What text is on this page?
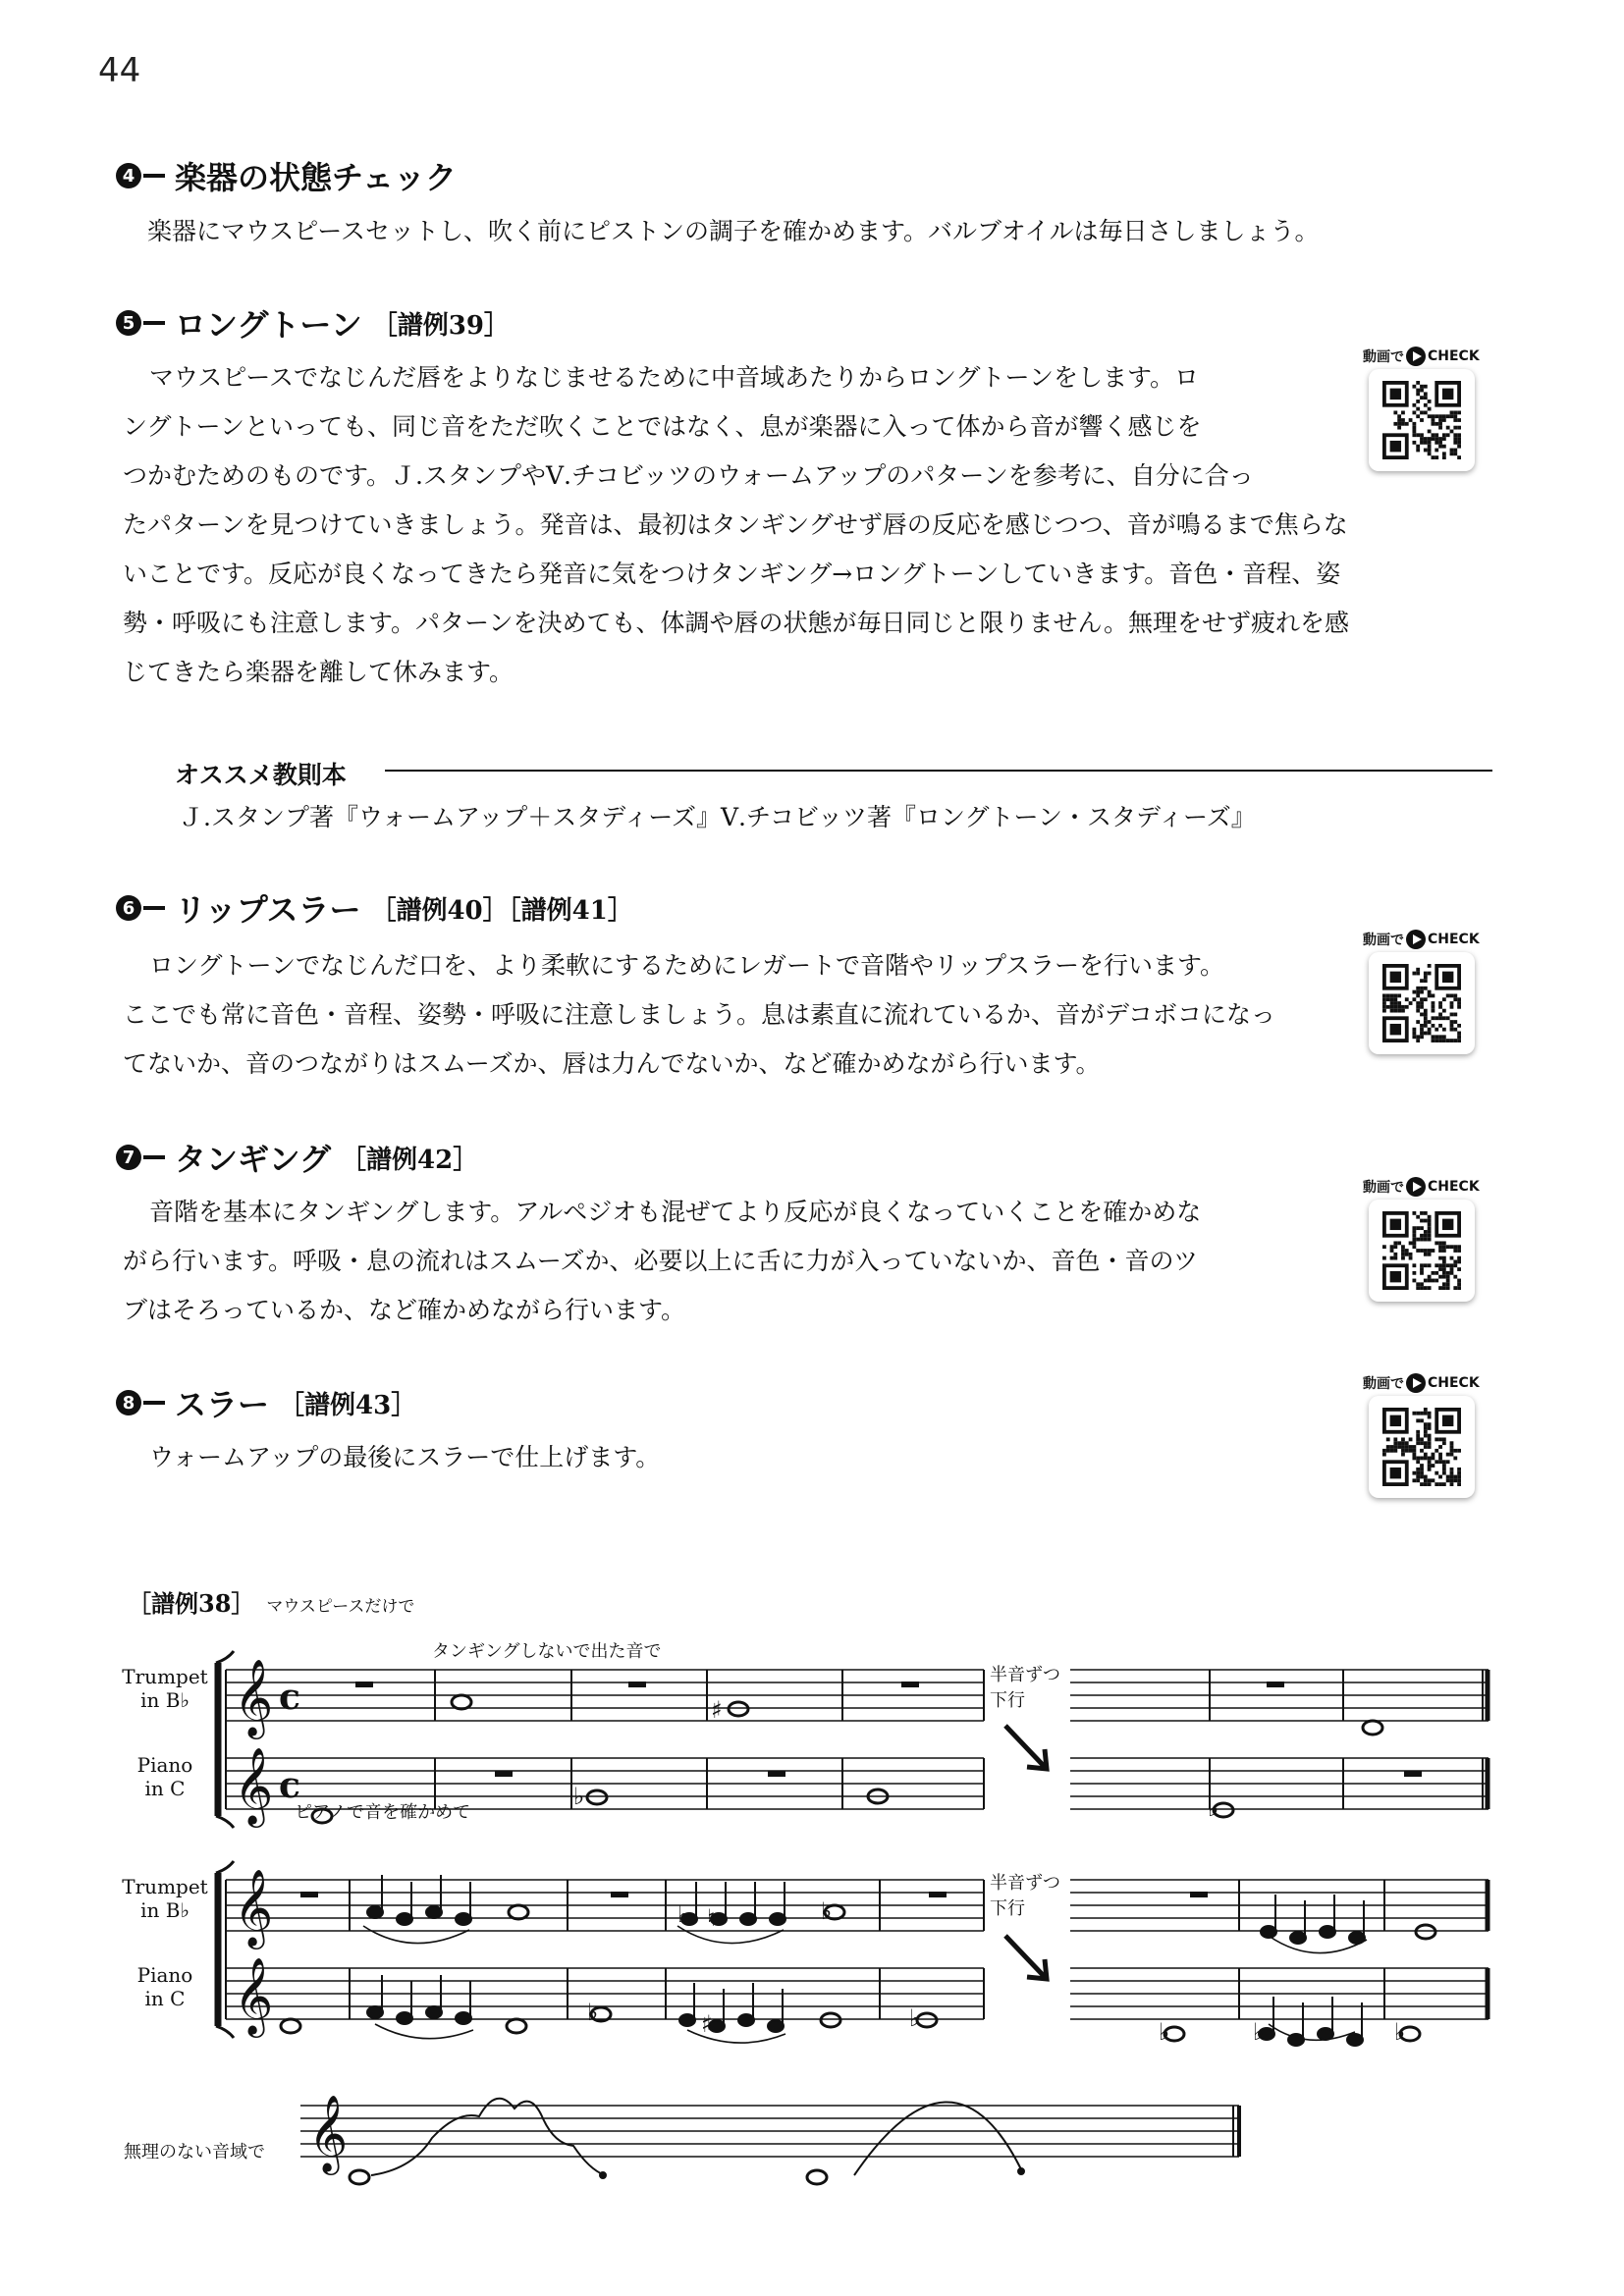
44
4 楽器の状態チェック
楽器にマウスピースセットし、吹く前にピストンの調子を確かめます。バルブオイルは毎日さしましょう。
5 ロングトーン ［譜例39］
マウスピースでなじんだ唇をよりなじませるために中音域あたりからロングトーンをします。ロ
ングトーンといっても、同じ音をただ吹くことではなく、息が楽器に入って体から音が響く感じを
つかむためのものです。Ｊ.スタンプやⅤ.チコビッツのウォームアップのパターンを参考に、自分に合っ
たパターンを見つけていきましょう。発音は、最初はタンギングせず唇の反応を感じつつ、音が鳴るまで焦らな
いことです。反応が良くなってきたら発音に気をつけタンギング→ロングトーンしていきます。音色・音程、姿
勢・呼吸にも注意します。パターンを決めても、体調や唇の状態が毎日同じと限りません。無理をせず疲れを感
じてきたら楽器を離して休みます。
動画で CHECK
オススメ教則本
Ｊ.スタンプ著『ウォームアップ＋スタディーズ』Ⅴ.チコビッツ著『ロングトーン・スタディーズ』
6 リップスラー ［譜例40］［譜例41］
ロングトーンでなじんだ口を、より柔軟にするためにレガートで音階やリップスラーを行います。
ここでも常に音色・音程、姿勢・呼吸に注意しましょう。息は素直に流れているか、音がデコボコになっ
てないか、音のつながりはスムーズか、唇は力んでないか、など確かめながら行います。
動画で CHECK
7 タンギング ［譜例42］
音階を基本にタンギングします。アルペジオも混ぜてより反応が良くなっていくことを確かめな
がら行います。呼吸・息の流れはスムーズか、必要以上に舌に力が入っていないか、音色・音のツ
ブはそろっているか、など確かめながら行います。
動画で CHECK
8 スラー ［譜例43］
ウォームアップの最後にスラーで仕上げます。
動画で CHECK
［譜例38］ マウスピースだけで
Trumpet
in B♭
Piano
in C
Trumpet
in B♭
Piano
in C
タンギングしないで出た音で
ピアノで音を確かめて
半音ずつ
下行
半音ずつ
下行
無理のない音域で
𝄞
𝄞
𝄞
𝄞
𝄞
c
c
♯
♭	♭
♭ ♮	♭
♯
♭	♭	♭	♭	♭
